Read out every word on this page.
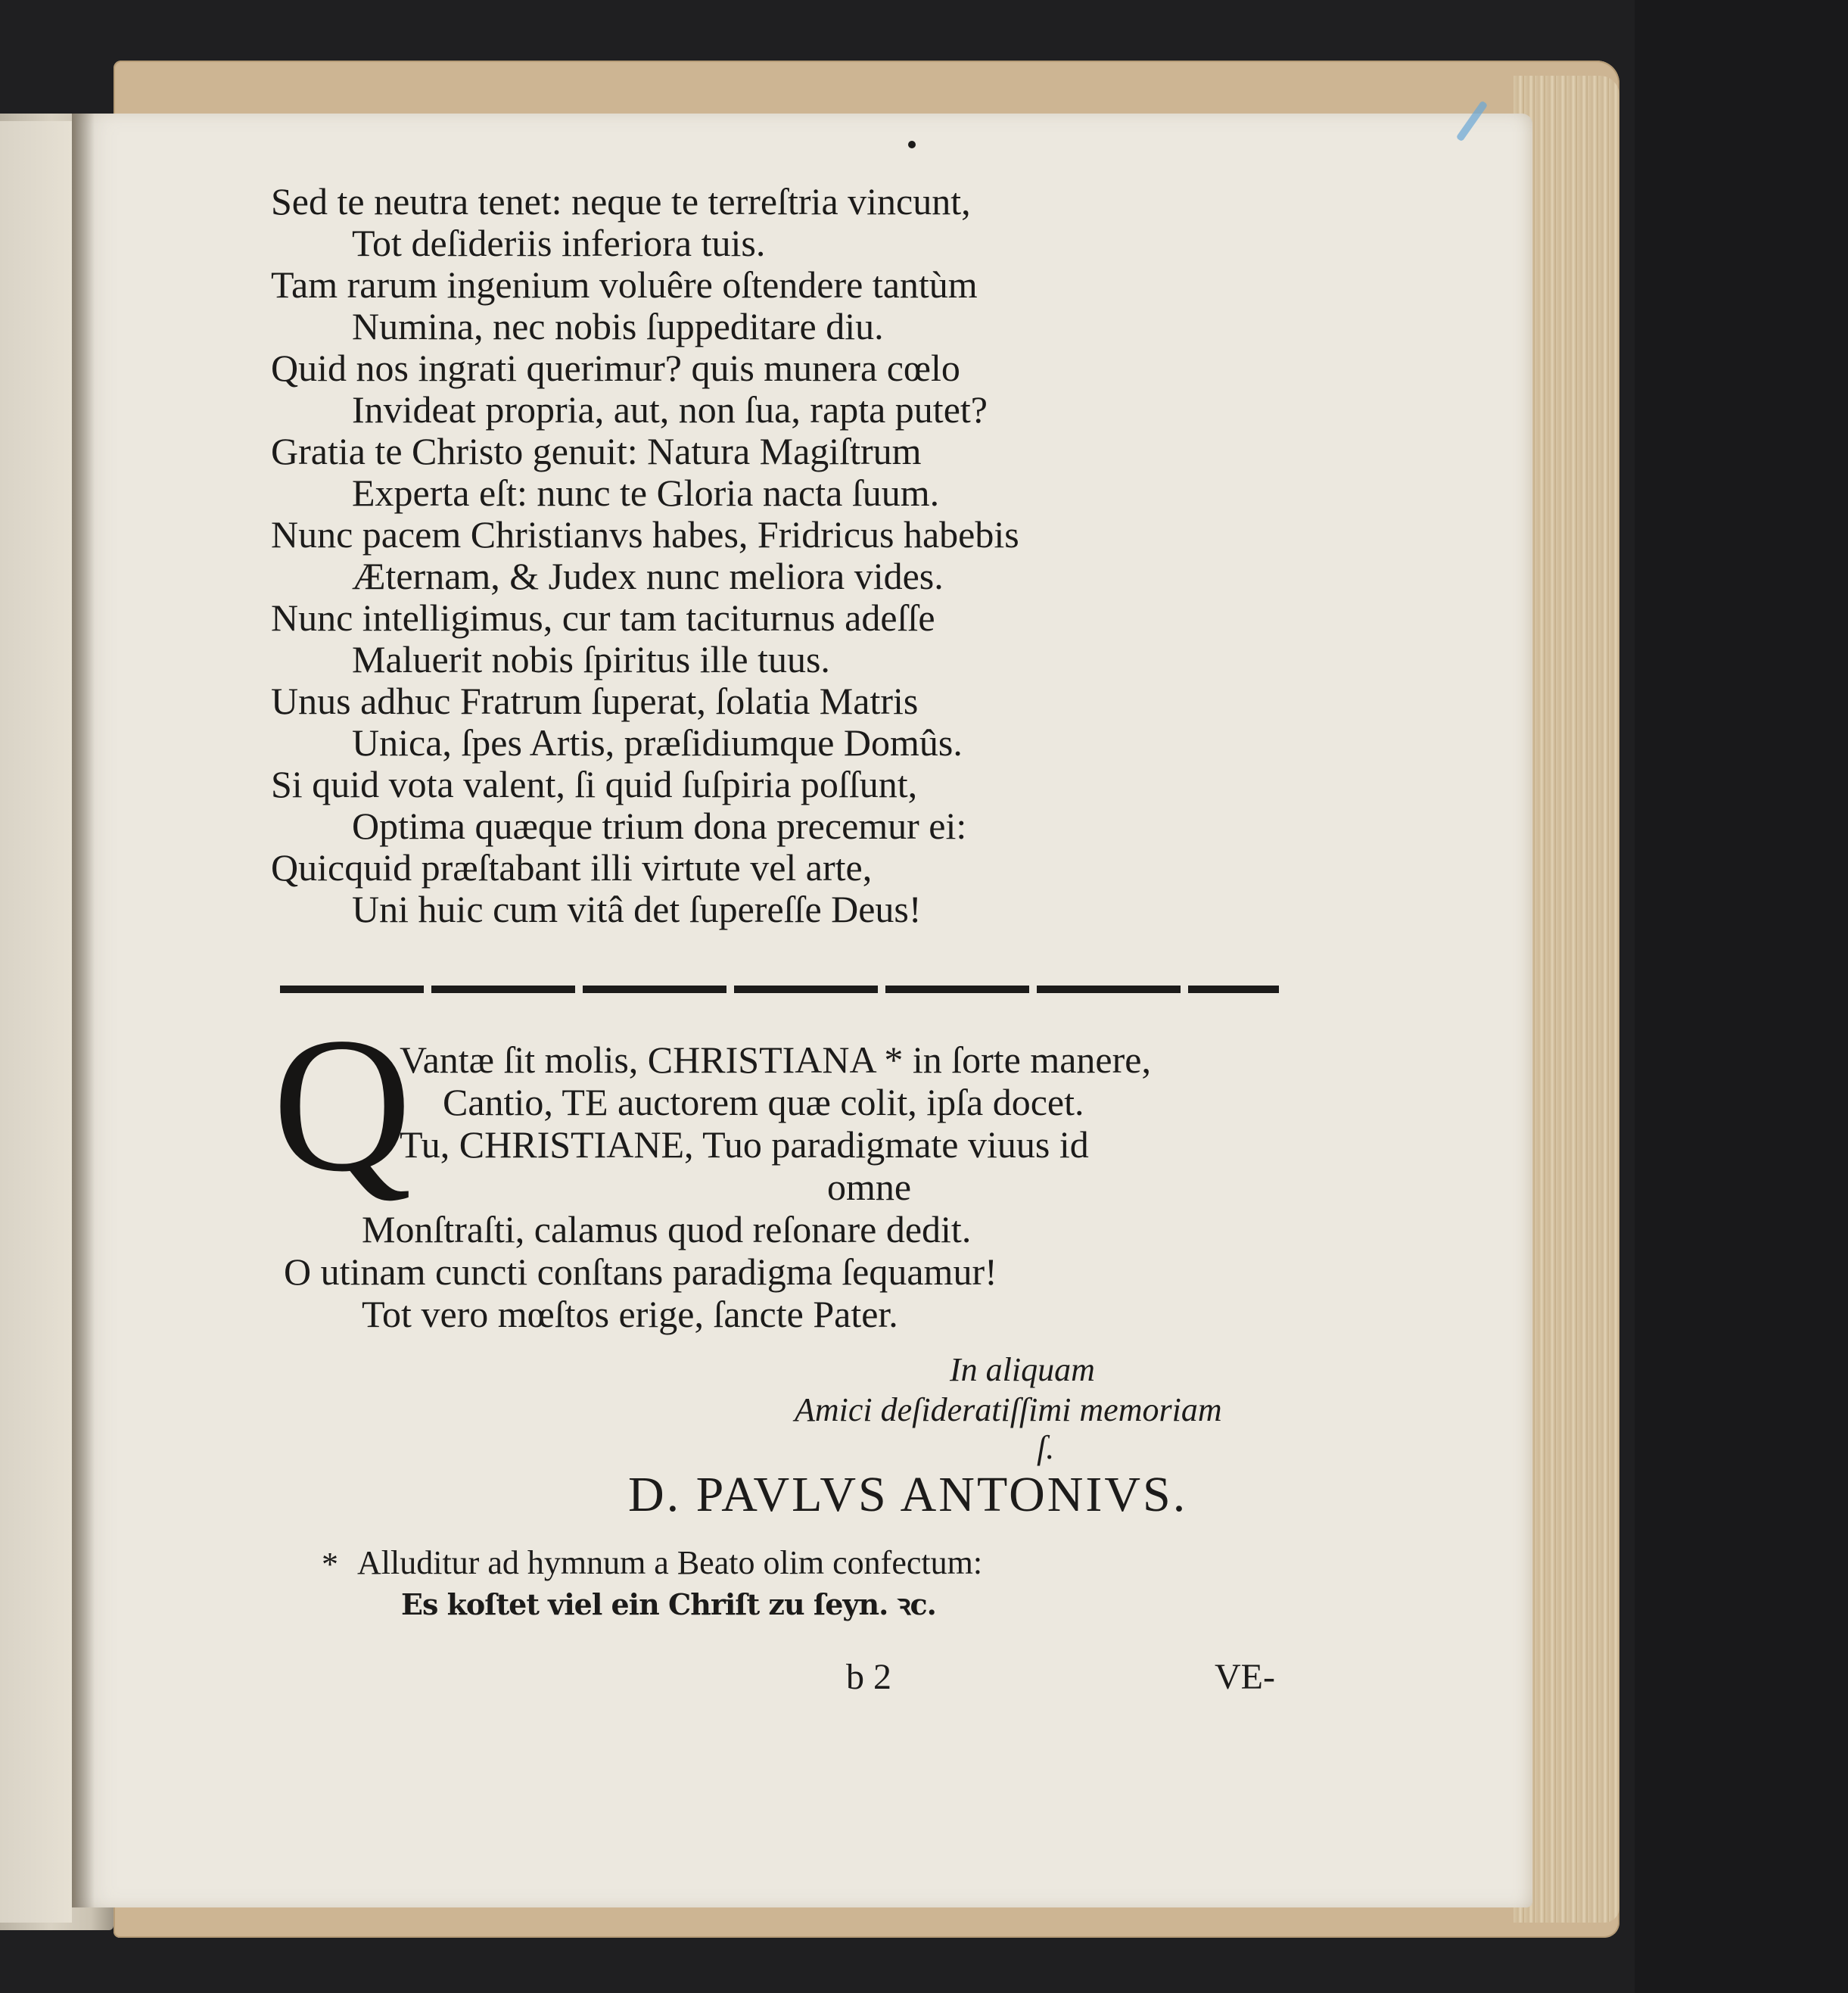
Sed te neutra tenet: neque te terreſtria vincunt,
Tot deſideriis inferiora tuis.
Tam rarum ingenium voluêre oſtendere tantùm
Numina, nec nobis ſuppeditare diu.
Quid nos ingrati querimur? quis munera cœlo
Invideat propria, aut, non ſua, rapta putet?
Gratia te Christo genuit: Natura Magiſtrum
Experta eſt: nunc te Gloria nacta ſuum.
Nunc pacem Christianvs habes, Fridricus habebis
Æternam, & Judex nunc meliora vides.
Nunc intelligimus, cur tam taciturnus adeſſe
Maluerit nobis ſpiritus ille tuus.
Unus adhuc Fratrum ſuperat, ſolatia Matris
Unica, ſpes Artis, præſidiumque Domûs.
Si quid vota valent, ſi quid ſuſpiria poſſunt,
Optima quæque trium dona precemur ei:
Quicquid præſtabant illi virtute vel arte,
Uni huic cum vitâ det ſupereſſe Deus!
Q
Vantæ ſit molis, CHRISTIANA * in ſorte manere,
Cantio, TE auctorem quæ colit, ipſa docet.
Tu, CHRISTIANE, Tuo paradigmate viuus id
omne
Monſtraſti, calamus quod reſonare dedit.
O utinam cuncti conſtans paradigma ſequamur!
Tot vero mœſtos erige, ſancte Pater.
In aliquam
Amici deſideratiſſimi memoriam
ſ.
D. PAVLVS ANTONIVS.
* Alluditur ad hymnum a Beato olim confectum:
Es koſtet viel ein Chriſt zu ſeyn. ꝛc.
b 2	VE-
